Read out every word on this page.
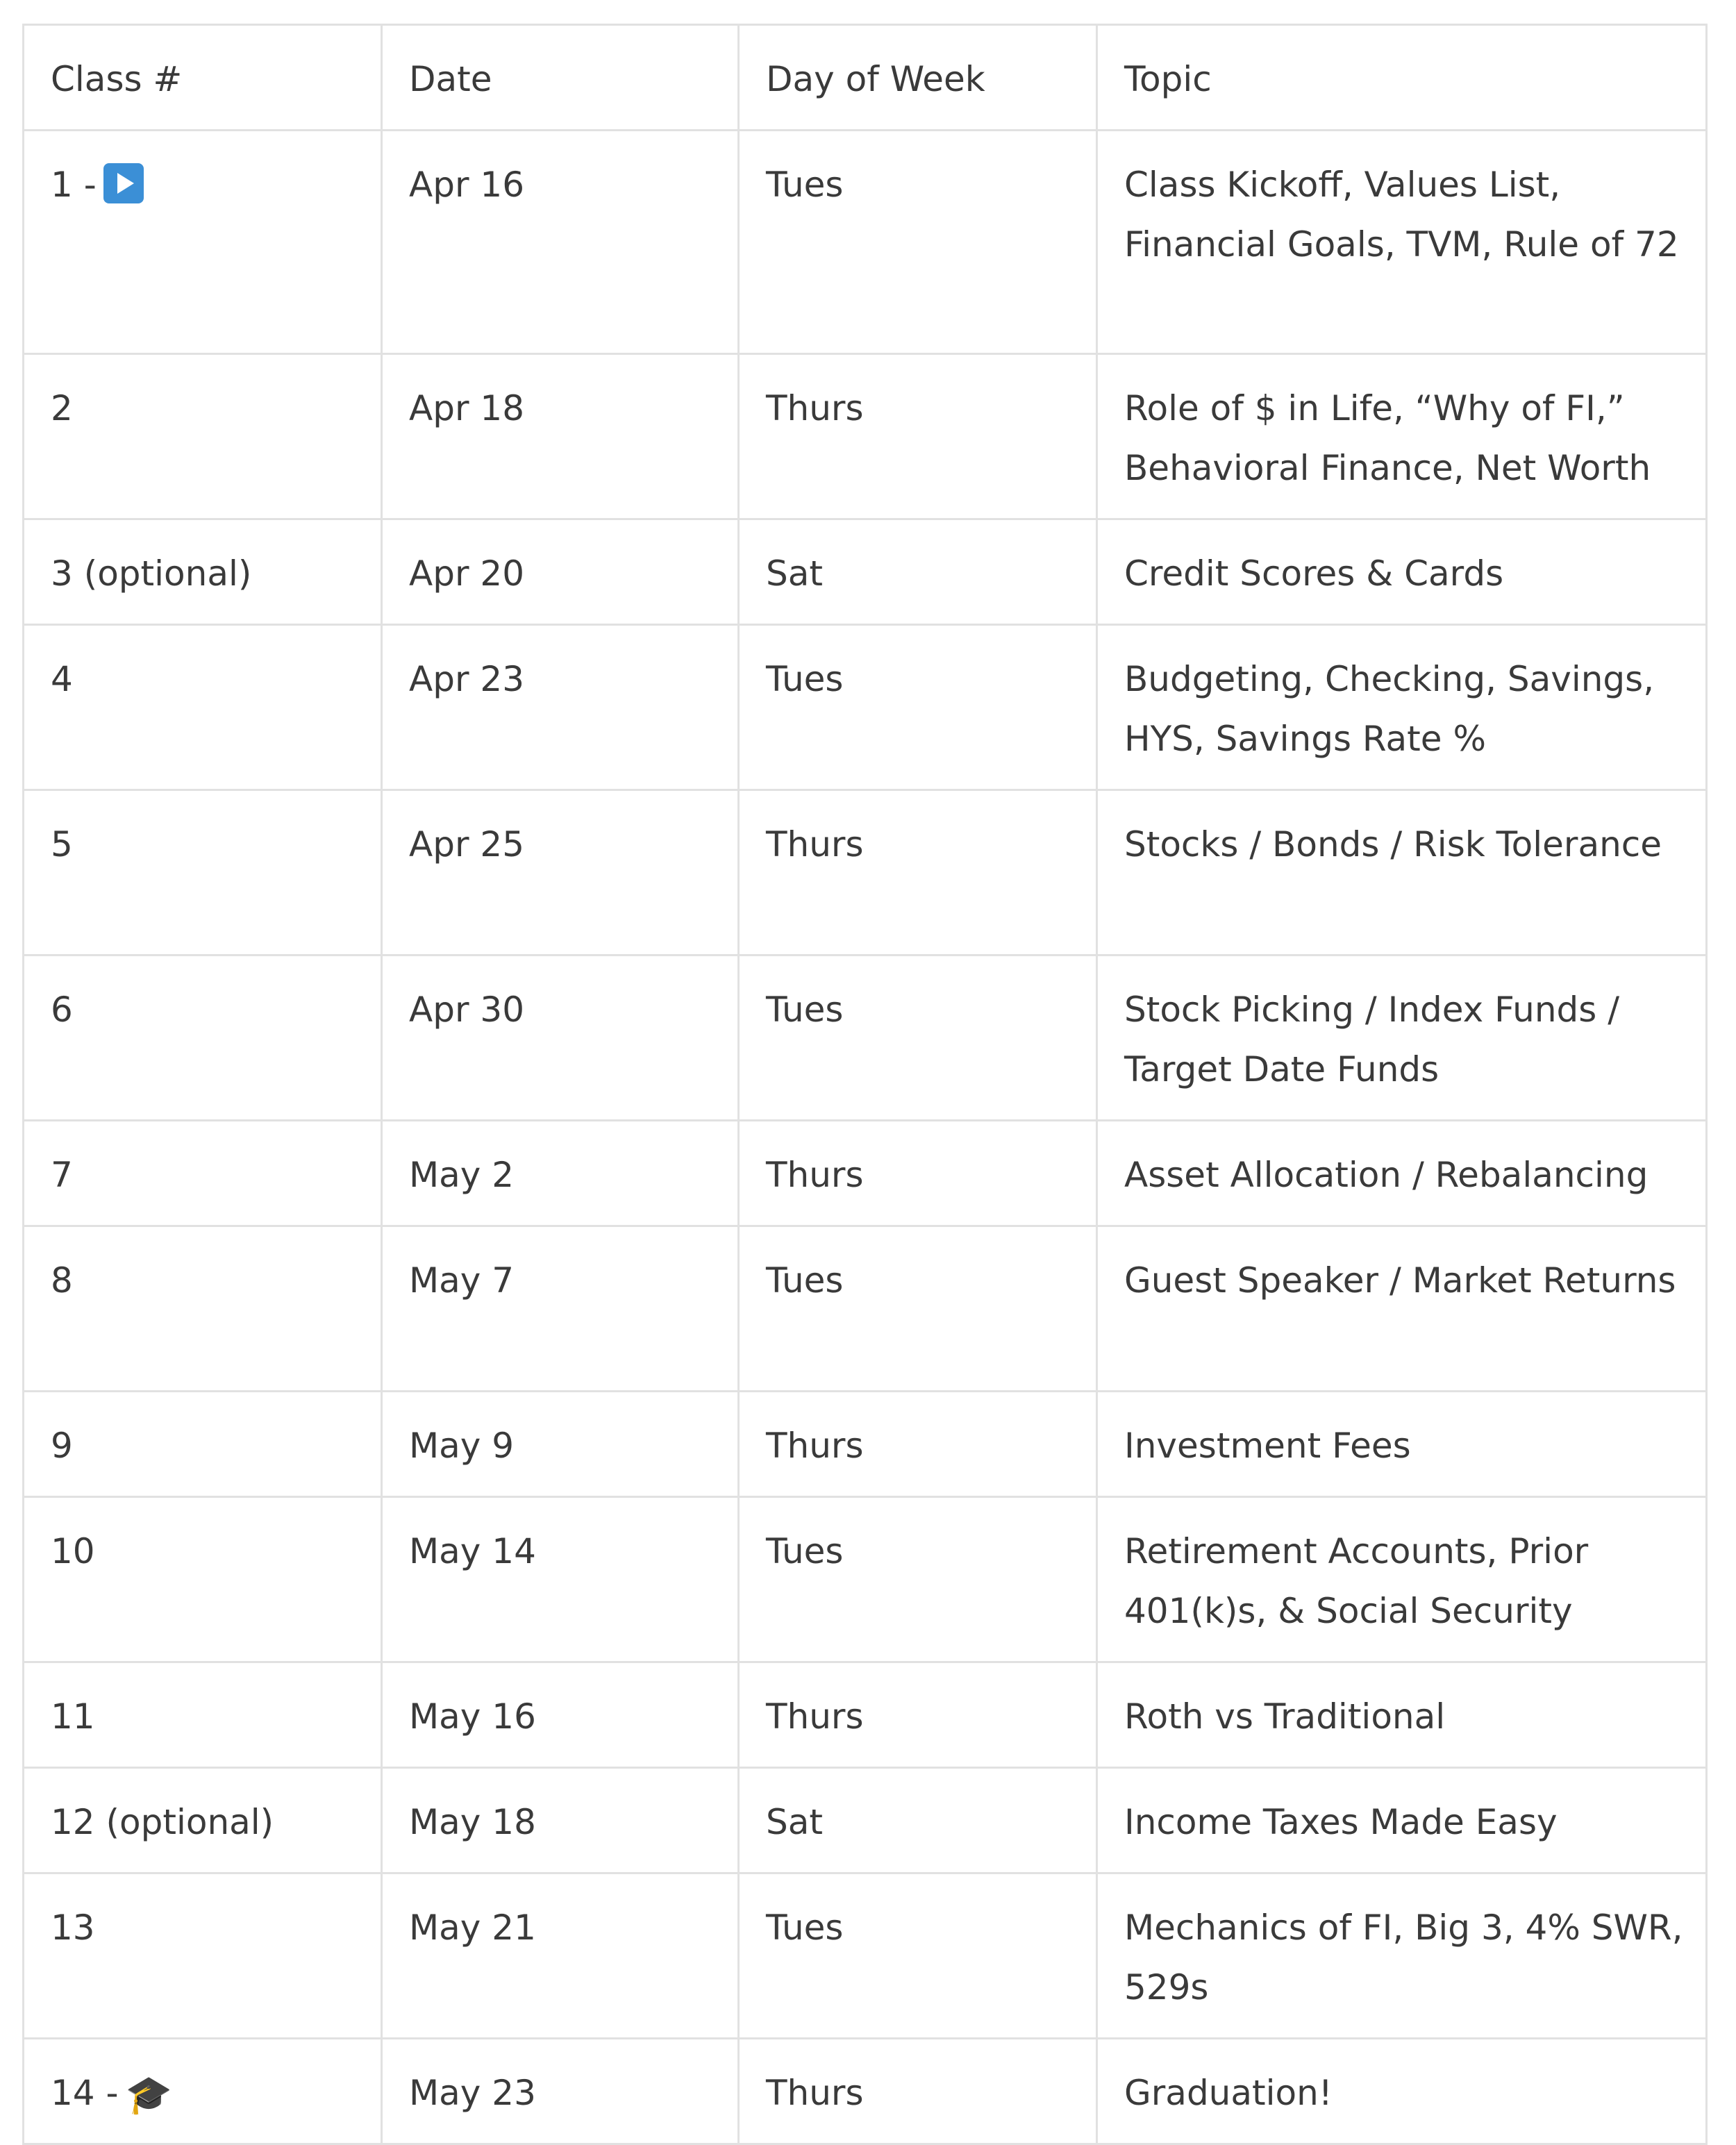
Class #	Date	Day of Week	Topic
1 -	Apr 16	Tues	Class Kickoff, Values List, Financial Goals, TVM, Rule of 72
2	Apr 18	Thurs	Role of $ in Life, “Why of FI,” Behavioral Finance, Net Worth
3 (optional)	Apr 20	Sat	Credit Scores & Cards
4	Apr 23	Tues	Budgeting, Checking, Savings, HYS, Savings Rate %
5	Apr 25	Thurs	Stocks / Bonds / Risk Tolerance
6	Apr 30	Tues	Stock Picking / Index Funds / Target Date Funds
7	May 2	Thurs	Asset Allocation / Rebalancing
8	May 7	Tues	Guest Speaker / Market Returns
9	May 9	Thurs	Investment Fees
10	May 14	Tues	Retirement Accounts, Prior 401(k)s, & Social Security
11	May 16	Thurs	Roth vs Traditional
12 (optional)	May 18	Sat	Income Taxes Made Easy
13	May 21	Tues	Mechanics of FI, Big 3, 4% SWR, 529s
14 - 🎓	May 23	Thurs	Graduation!
